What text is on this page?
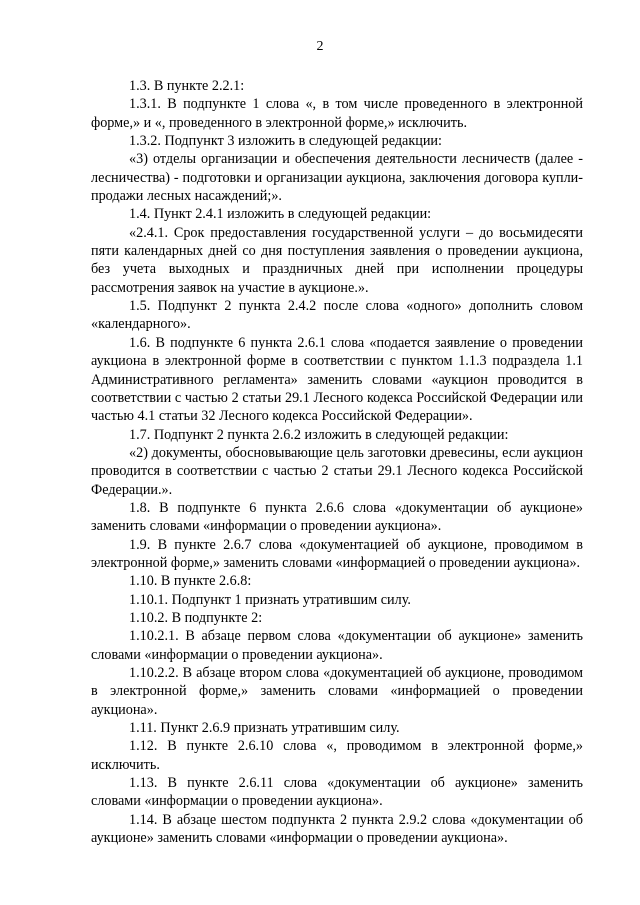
2

1.3. В пункте 2.2.1:

1.3.1. В подпункте 1 слова «, в том числе проведенного в электронной форме,» и «, проведенного в электронной форме,» исключить.

1.3.2. Подпункт 3 изложить в следующей редакции:

«3) отделы организации и обеспечения деятельности лесничеств (далее - лесничества) - подготовки и организации аукциона, заключения договора купли-продажи лесных насаждений;».

1.4. Пункт 2.4.1 изложить в следующей редакции:

«2.4.1. Срок предоставления государственной услуги – до восьмидесяти пяти календарных дней со дня поступления заявления о проведении аукциона, без учета выходных и праздничных дней при исполнении процедуры рассмотрения заявок на участие в аукционе.».

1.5. Подпункт 2 пункта 2.4.2 после слова «одного» дополнить словом «календарного».

1.6. В подпункте 6 пункта 2.6.1 слова «подается заявление о проведении аукциона в электронной форме в соответствии с пунктом 1.1.3 подраздела 1.1 Административного регламента» заменить словами «аукцион проводится в соответствии с частью 2 статьи 29.1 Лесного кодекса Российской Федерации или частью 4.1 статьи 32 Лесного кодекса Российской Федерации».

1.7. Подпункт 2 пункта 2.6.2 изложить в следующей редакции:

«2) документы, обосновывающие цель заготовки древесины, если аукцион проводится в соответствии с частью 2 статьи 29.1 Лесного кодекса Российской Федерации.».

1.8. В подпункте 6 пункта 2.6.6 слова «документации об аукционе» заменить словами «информации о проведении аукциона».

1.9. В пункте 2.6.7 слова «документацией об аукционе, проводимом в электронной форме,» заменить словами «информацией о проведении аукциона».

1.10. В пункте 2.6.8:

1.10.1. Подпункт 1 признать утратившим силу.

1.10.2. В подпункте 2:

1.10.2.1. В абзаце первом слова «документации об аукционе» заменить словами «информации о проведении аукциона».

1.10.2.2. В абзаце втором слова «документацией об аукционе, проводимом в электронной форме,» заменить словами «информацией о проведении аукциона».

1.11. Пункт 2.6.9 признать утратившим силу.

1.12. В пункте 2.6.10 слова «, проводимом в электронной форме,» исключить.

1.13. В пункте 2.6.11 слова «документации об аукционе» заменить словами «информации о проведении аукциона».

1.14. В абзаце шестом подпункта 2 пункта 2.9.2 слова «документации об аукционе» заменить словами «информации о проведении аукциона».
